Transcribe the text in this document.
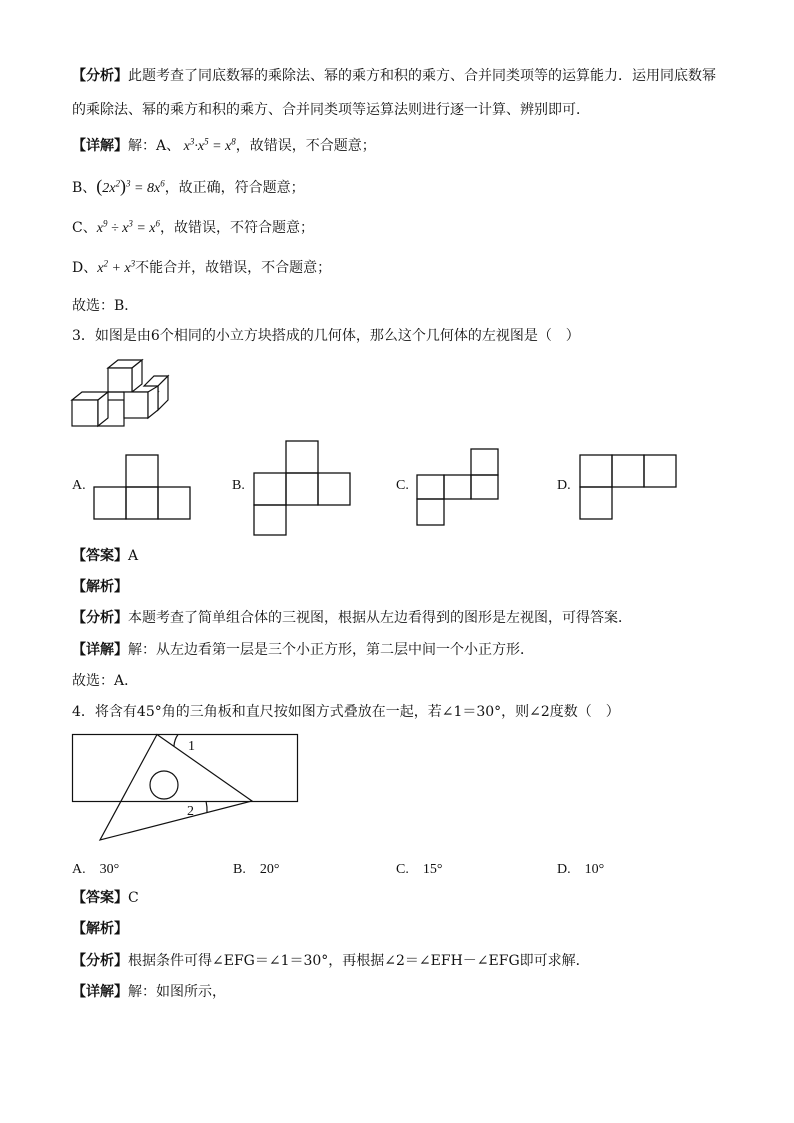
【分析】此题考查了同底数幂的乘除法、幂的乘方和积的乘方、合并同类项等的运算能力．运用同底数幂
的乘除法、幂的乘方和积的乘方、合并同类项等运算法则进行逐一计算、辨别即可．
【详解】解：A、 $x^3\cdot x^5 = x^8$，故错误，不合题意；
B、$(2x^2)^3 = 8x^6$，故正确，符合题意；
C、$x^9 \div x^3 = x^6$，故错误，不符合题意；
D、$x^2 + x^3$不能合并，故错误，不合题意；
故选：B．
3．如图是由6个相同的小立方块搭成的几何体，那么这个几何体的左视图是（　）
A.	B.	C.	D.
【答案】A
【解析】
【分析】本题考查了简单组合体的三视图，根据从左边看得到的图形是左视图，可得答案．
【详解】解：从左边看第一层是三个小正方形，第二层中间一个小正方形．
故选：A．
4．将含有45°角的三角板和直尺按如图方式叠放在一起，若∠1＝30°，则∠2度数（　）
1
2
A.　30°	B.　20°	C.　15°	D.　10°
【答案】C
【解析】
【分析】根据条件可得∠EFG＝∠1＝30°，再根据∠2＝∠EFH－∠EFG即可求解．
【详解】解：如图所示，
